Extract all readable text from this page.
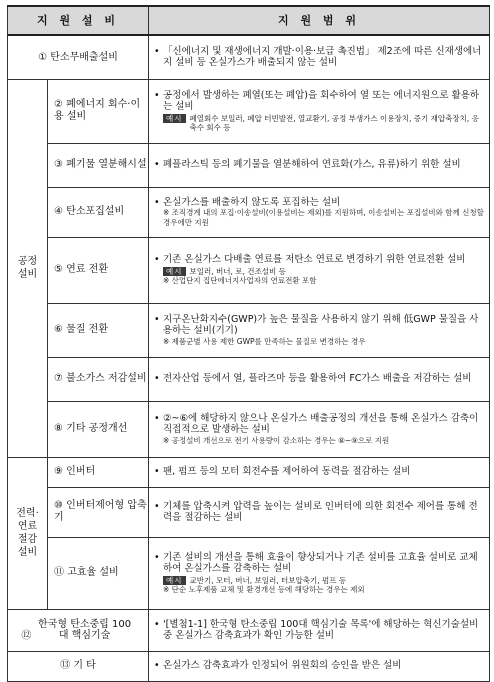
지 원 설 비		지 원 범 위
① 탄소무배출설비		• 「신에너지 및 재생에너지 개발·이용·보급 촉진법」 제2조에 따른 신재생에너지 설비 등 온실가스가 배출되지 않는 설비

공정설비	② 폐에너지 회수·이용 설비	• 공정에서 발생하는 폐열(또는 폐압)을 회수하여 열 또는 에너지원으로 활용하는 설비
예시 폐열회수 보일러, 폐압 터빈발전, 열교환기, 공정 부생가스 이용장치, 증기 재압축장치, 응축수 회수 등

	③ 폐기물 열분해시설	• 폐플라스틱 등의 폐기물을 열분해하여 연료화(가스, 유류)하기 위한 설비

	④ 탄소포집설비	• 온실가스를 배출하지 않도록 포집하는 설비
※ 조직경계 내의 포집·이송설비(이용설비는 제외)를 지원하며, 이송설비는 포집설비와 함께 신청할 경우에만 지원

	⑤ 연료 전환	• 기존 온실가스 다배출 연료를 저탄소 연료로 변경하기 위한 연료전환 설비
예시 보일러, 버너, 로, 건조설비 등
※ 산업단지 집단에너지사업자의 연료전환 포함

	⑥ 물질 전환	• 지구온난화지수(GWP)가 높은 물질을 사용하지 않기 위해 低GWP 물질을 사용하는 설비(기기)
※ 제품군별 사용 제한 GWP를 만족하는 물질로 변경하는 경우

	⑦ 불소가스 저감설비	• 전자산업 등에서 열, 플라즈마 등을 활용하여 FC가스 배출을 저감하는 설비

	⑧ 기타 공정개선	• ②~⑥에 해당하지 않으나 온실가스 배출공정의 개선을 통해 온실가스 감축이 직접적으로 발생하는 설비
※ 공정설비 개선으로 전기 사용량이 감소하는 경우는 ⑧~⑨으로 지원

전력·연료절감설비	⑨ 인버터	• 팬, 펌프 등의 모터 회전수를 제어하여 동력을 절감하는 설비

	⑩ 인버터제어형 압축기	• 기체를 압축시켜 압력을 높이는 설비로 인버터에 의한 회전수 제어를 통해 전력을 절감하는 설비

	⑪ 고효율 설비	• 기존 설비의 개선을 통해 효율이 향상되거나 기존 설비를 고효율 설비로 교체하여 온실가스를 감축하는 설비
예시 교반기, 모터, 버너, 보일러, 터보압축기, 펌프 등
※ 단순 노후제품 교체 및 환경개선 등에 해당하는 경우는 제외

⑫ 한국형 탄소중립 100대 핵심기술		• '[별첨1-1] 한국형 탄소중립 100대 핵심기술 목록'에 해당하는 혁신기술설비 중 온실가스 감축효과가 확인 가능한 설비

⑬ 기 타		• 온실가스 감축효과가 인정되어 위원회의 승인을 받은 설비
